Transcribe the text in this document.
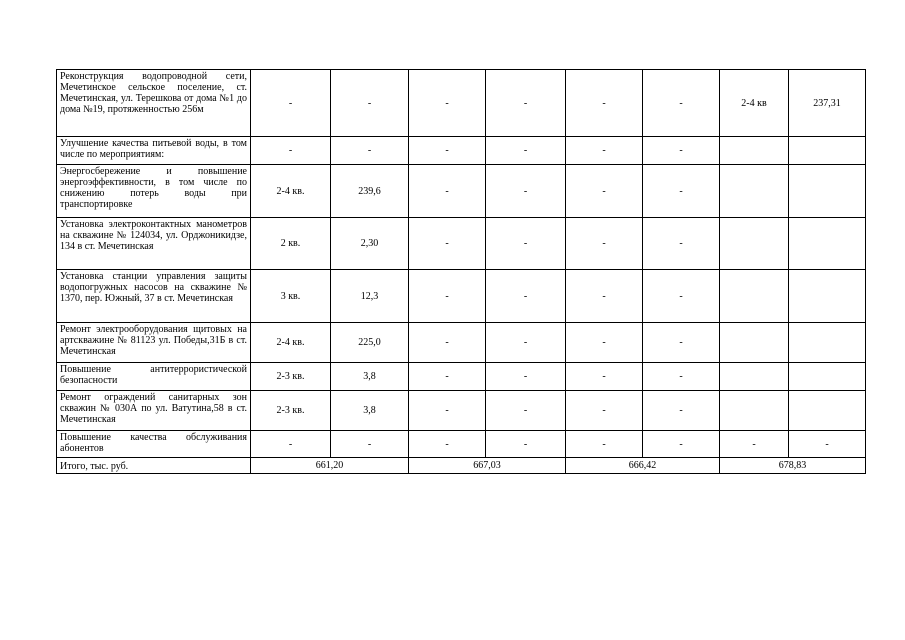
Реконструкция водопроводной сети, Мечетинское сельское поселение, ст. Мечетинская, ул. Терешкова от дома №1 до дома №19, протяженностью 256м	-	-	-	-	-	-	2-4 кв	237,31
Улучшение качества питьевой воды, в том числе по мероприятиям:	-	-	-	-	-	-		
Энергосбережение и повышение энергоэффективности, в том числе по снижению потерь воды при транспортировке	2-4 кв.	239,6	-	-	-	-		
Установка электроконтактных манометров на скважине № 124034, ул. Орджоникидзе, 134 в ст. Мечетинская	2 кв.	2,30	-	-	-	-		
Установка станции управления защиты водопогружных насосов на скважине № 1370, пер. Южный, 37 в ст. Мечетинская	3 кв.	12,3	-	-	-	-		
Ремонт электрооборудования щитовых на артскважине № 81123 ул. Победы,31Б в ст. Мечетинская	2-4 кв.	225,0	-	-	-	-		
Повышение антитеррористической безопасности	2-3 кв.	3,8	-	-	-	-		
Ремонт ограждений санитарных зон скважин № 030А по ул. Ватутина,58 в ст. Мечетинская	2-3 кв.	3,8	-	-	-	-		
Повышение качества обслуживания абонентов	-	-	-	-	-	-	-	-
Итого, тыс. руб.	661,20		667,03		666,42		678,83	
